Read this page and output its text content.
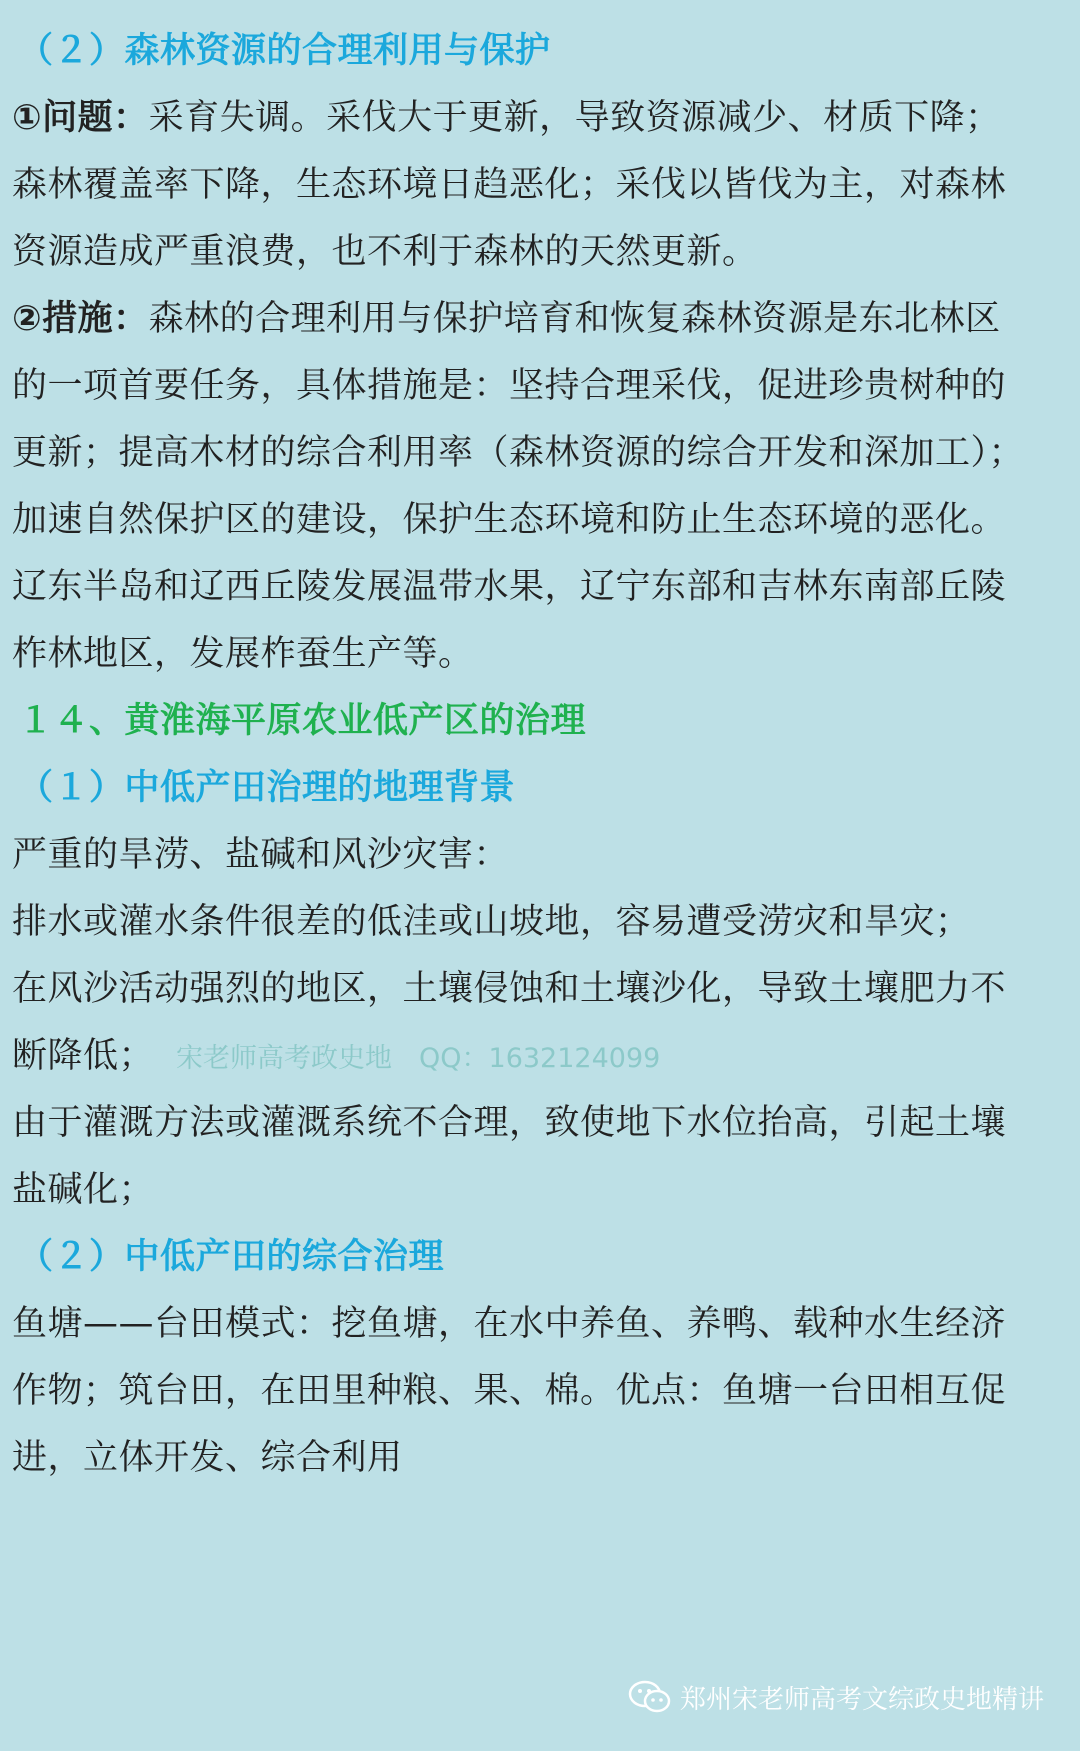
（２）森林资源的合理利用与保护
①问题：采育失调。采伐大于更新，导致资源减少、材质下降；
森林覆盖率下降，生态环境日趋恶化；采伐以皆伐为主，对森林
资源造成严重浪费，也不利于森林的天然更新。
②措施：森林的合理利用与保护培育和恢复森林资源是东北林区
的一项首要任务，具体措施是：坚持合理采伐，促进珍贵树种的
更新；提高木材的综合利用率（森林资源的综合开发和深加工）；
加速自然保护区的建设，保护生态环境和防止生态环境的恶化。
辽东半岛和辽西丘陵发展温带水果，辽宁东部和吉林东南部丘陵
柞林地区，发展柞蚕生产等。
１４、黄淮海平原农业低产区的治理
（１）中低产田治理的地理背景
严重的旱涝、盐碱和风沙灾害：
排水或灌水条件很差的低洼或山坡地，容易遭受涝灾和旱灾；
在风沙活动强烈的地区，土壤侵蚀和土壤沙化，导致土壤肥力不
断降低； 宋老师高考政史地　QQ：1632124099
由于灌溉方法或灌溉系统不合理，致使地下水位抬高，引起土壤
盐碱化；
（２）中低产田的综合治理
鱼塘——台田模式：挖鱼塘，在水中养鱼、养鸭、载种水生经济
作物；筑台田，在田里种粮、果、棉。优点：鱼塘一台田相互促
进，立体开发、综合利用
郑州宋老师高考文综政史地精讲
